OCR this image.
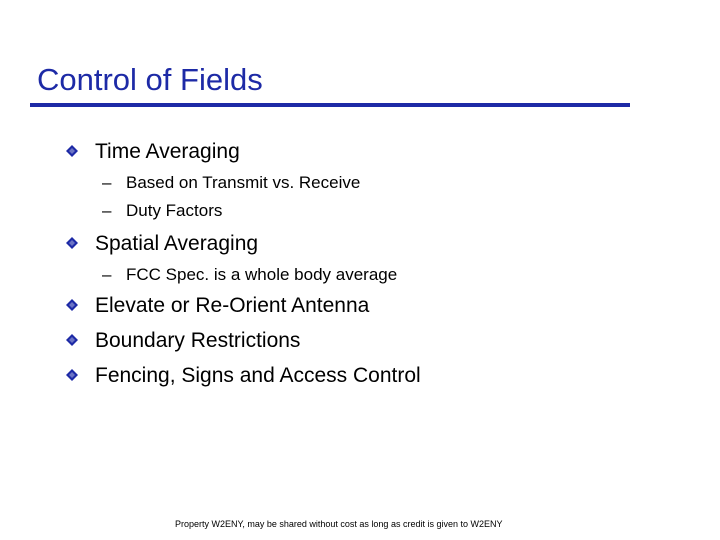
Control of Fields
Time Averaging
– Based on Transmit vs. Receive
– Duty Factors
Spatial Averaging
– FCC Spec. is a whole body average
Elevate or Re-Orient Antenna
Boundary Restrictions
Fencing, Signs and Access Control
Property W2ENY, may be shared without cost as long as credit is given to W2ENY
